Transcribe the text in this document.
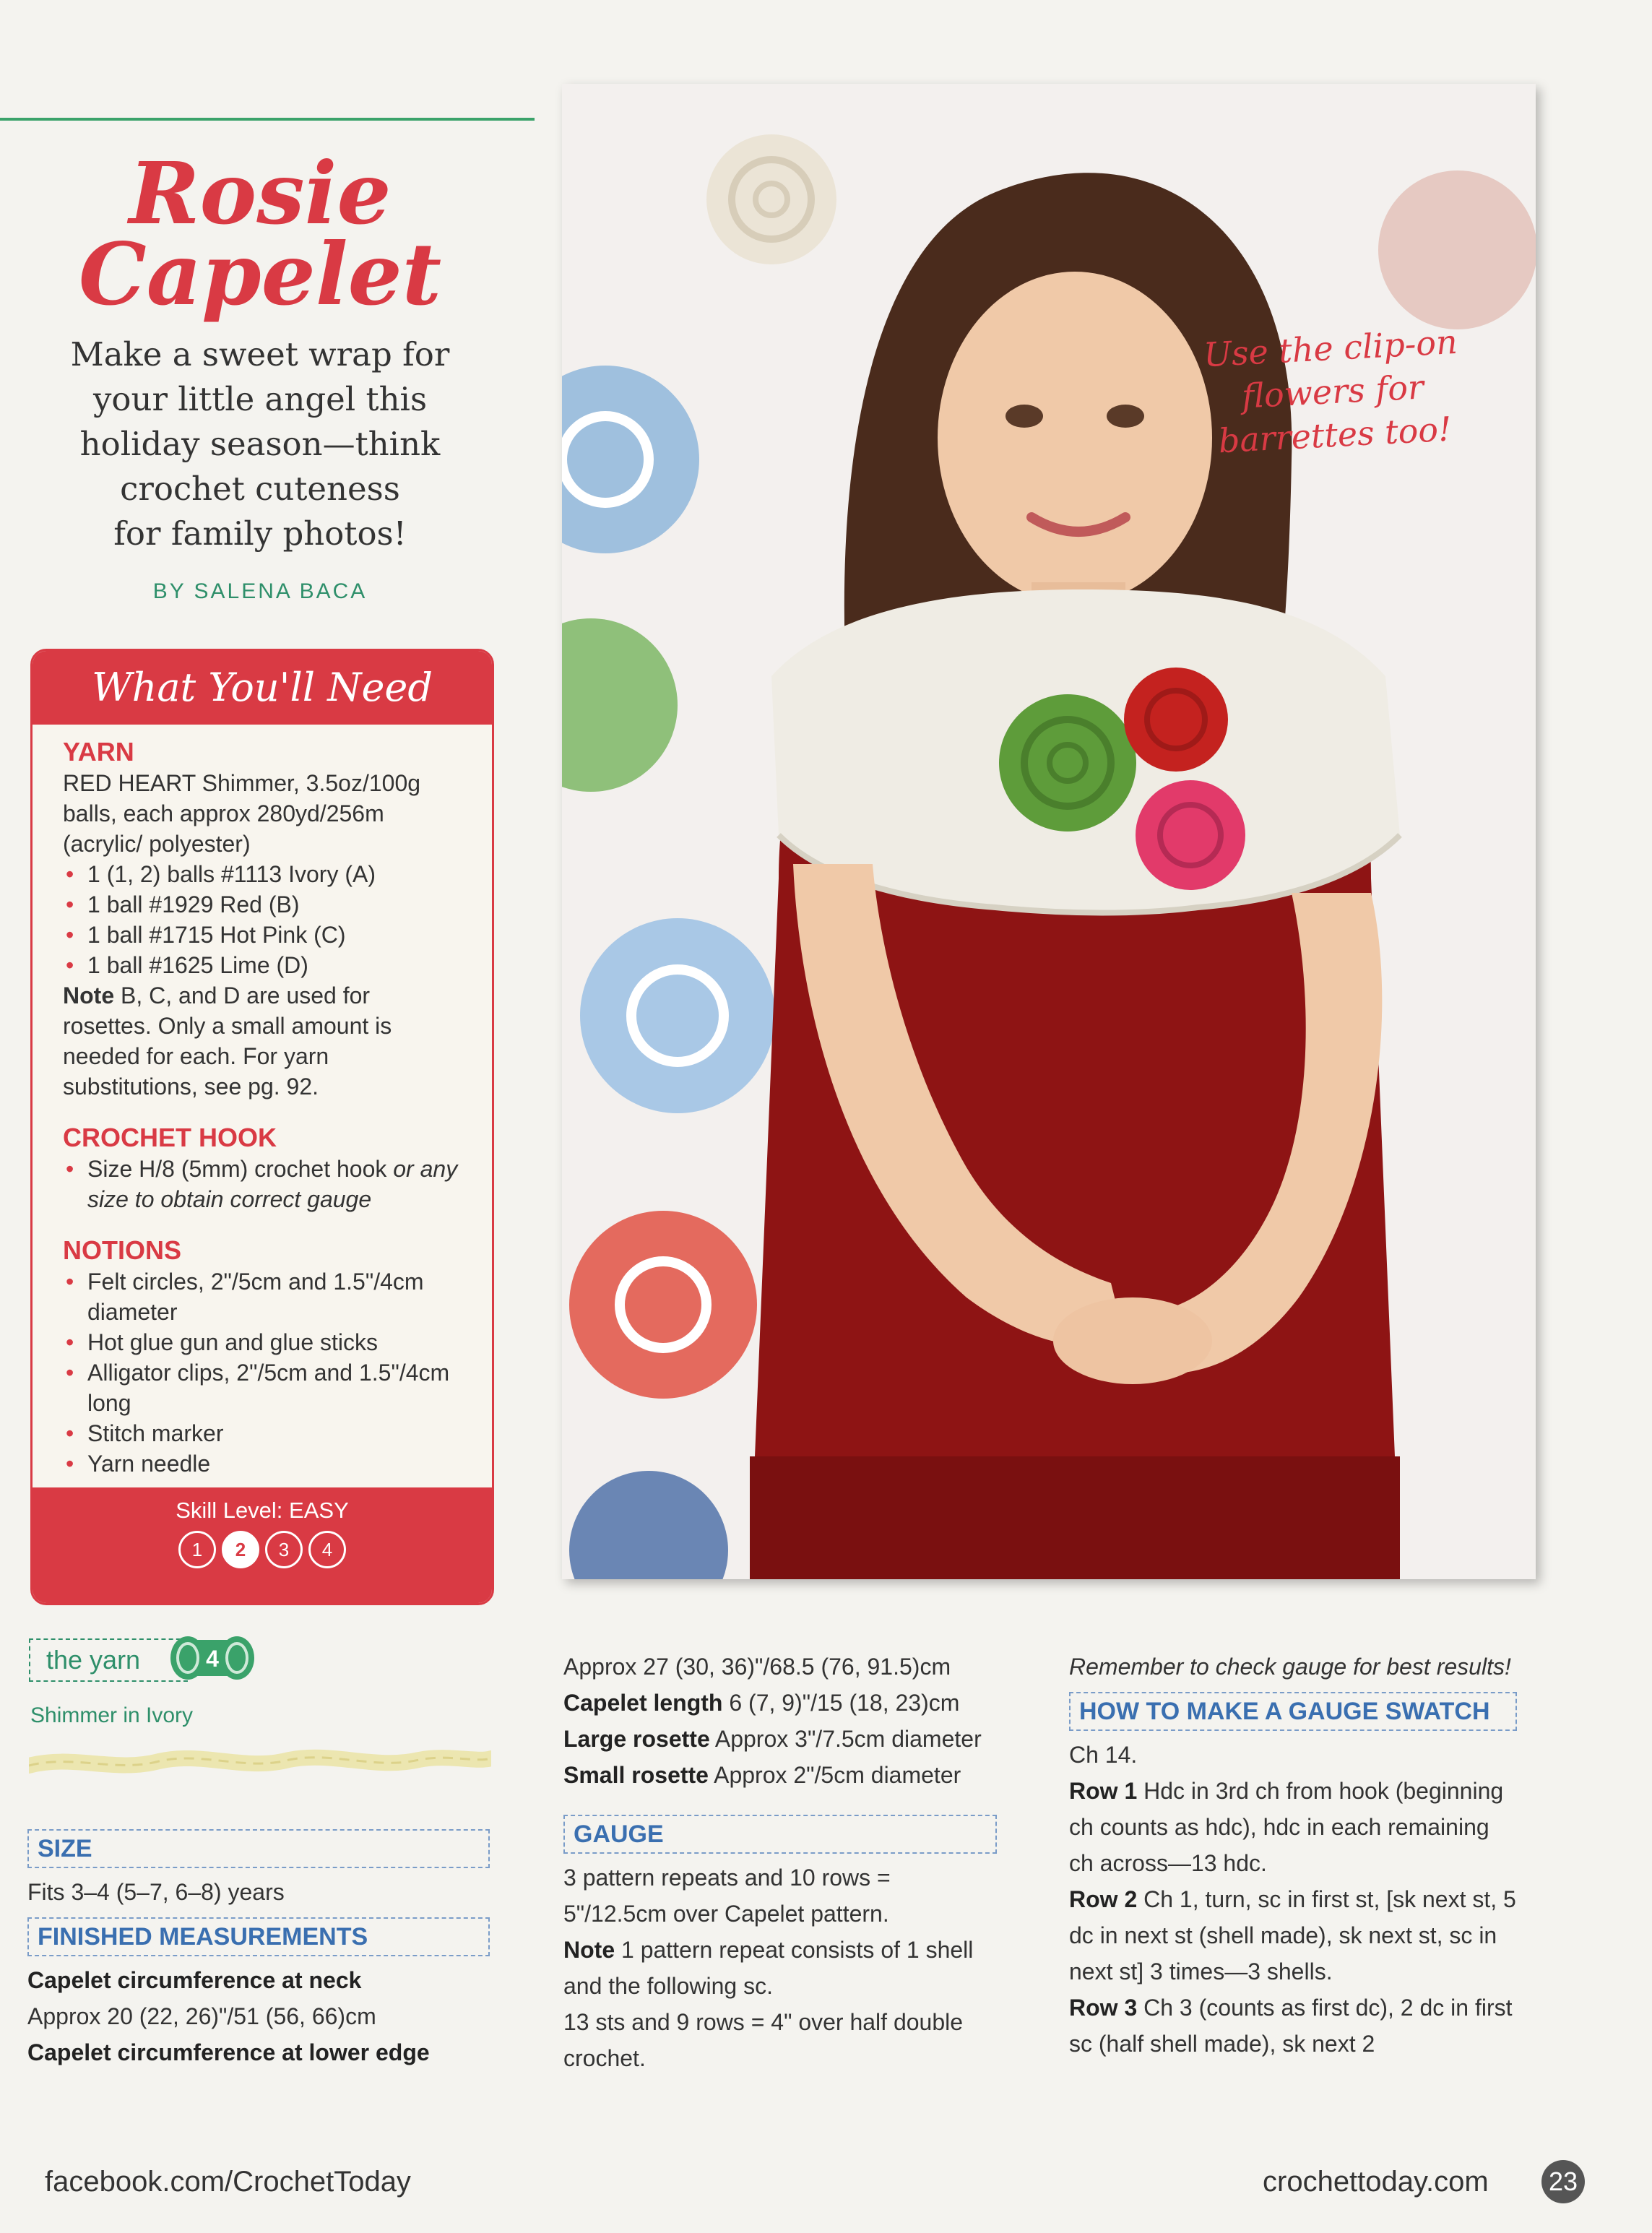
Rosie
Capelet

Make a sweet wrap for
your little angel this
holiday season—think
crochet cuteness
for family photos!

BY SALENA BACA
What You'll Need
YARN
RED HEART Shimmer, 3.5oz/100g balls, each approx 280yd/256m (acrylic/ polyester)
• 1 (1, 2) balls #1113 Ivory (A)
• 1 ball #1929 Red (B)
• 1 ball #1715 Hot Pink (C)
• 1 ball #1625 Lime (D)
Note B, C, and D are used for rosettes. Only a small amount is needed for each. For yarn substitutions, see pg. 92.
CROCHET HOOK
• Size H/8 (5mm) crochet hook or any size to obtain correct gauge
NOTIONS
• Felt circles, 2"/5cm and 1.5"/4cm diameter
• Hot glue gun and glue sticks
• Alligator clips, 2"/5cm and 1.5"/4cm long
• Stitch marker
• Yarn needle
Skill Level: EASY
1	2	3	4
Use the clip-on
flowers for
barrettes too!
the yarn	4
Shimmer in Ivory
SIZE
Fits 3–4 (5–7, 6–8) years
FINISHED MEASUREMENTS
Capelet circumference at neck
Approx 20 (22, 26)"/51 (56, 66)cm
Capelet circumference at lower edge
Approx 27 (30, 36)"/68.5 (76, 91.5)cm
Capelet length 6 (7, 9)"/15 (18, 23)cm
Large rosette Approx 3"/7.5cm diameter
Small rosette Approx 2"/5cm diameter
GAUGE
3 pattern repeats and 10 rows = 5"/12.5cm over Capelet pattern.
Note 1 pattern repeat consists of 1 shell and the following sc.
13 sts and 9 rows = 4" over half double crochet.
Remember to check gauge for best results!
HOW TO MAKE A GAUGE SWATCH
Ch 14.
Row 1 Hdc in 3rd ch from hook (beginning ch counts as hdc), hdc in each remaining ch across—13 hdc.
Row 2 Ch 1, turn, sc in first st, [sk next st, 5 dc in next st (shell made), sk next st, sc in next st] 3 times—3 shells.
Row 3 Ch 3 (counts as first dc), 2 dc in first sc (half shell made), sk next 2
facebook.com/CrochetToday	crochettoday.com 23
